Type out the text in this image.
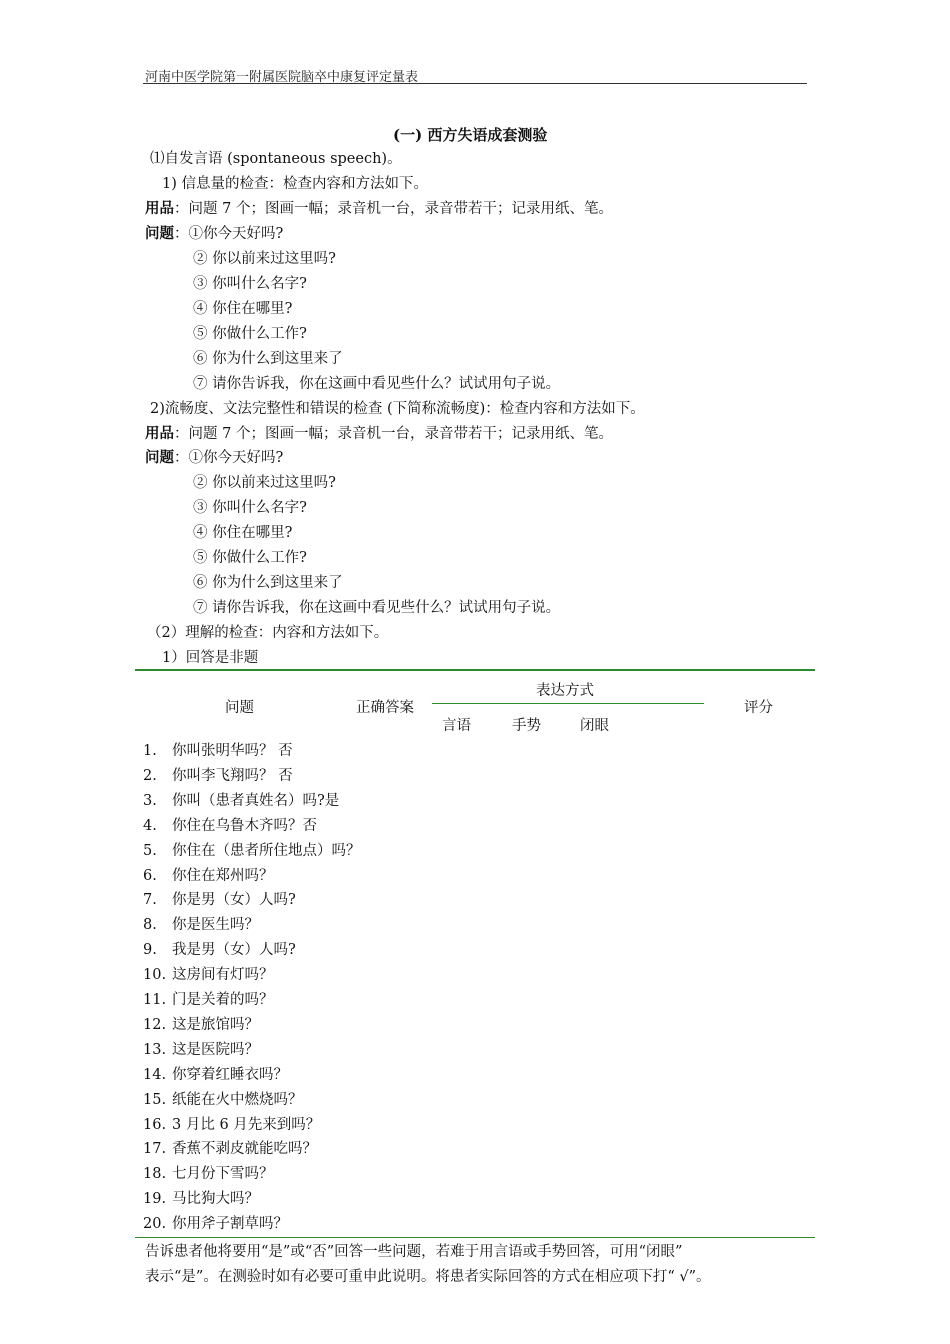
河南中医学院第一附属医院脑卒中康复评定量表
(一) 西方失语成套测验
⑴自发言语 (spontaneous speech)。
1) 信息量的检查：检查内容和方法如下。
用品：问题 7 个；图画一幅；录音机一台，录音带若干；记录用纸、笔。
问题：①你今天好吗?
② 你以前来过这里吗?
③ 你叫什么名字?
④ 你住在哪里?
⑤ 你做什么工作?
⑥ 你为什么到这里来了
⑦ 请你告诉我，你在这画中看见些什么？试试用句子说。
2)流畅度、文法完整性和错误的检查 (下简称流畅度)：检查内容和方法如下。
用品：问题 7 个；图画一幅；录音机一台，录音带若干；记录用纸、笔。
问题：①你今天好吗?
② 你以前来过这里吗?
③ 你叫什么名字?
④ 你住在哪里?
⑤ 你做什么工作?
⑥ 你为什么到这里来了
⑦ 请你告诉我，你在这画中看见些什么？试试用句子说。
（2）理解的检查：内容和方法如下。
1）回答是非题
问题	正确答案
表达方式
言语	手势	闭眼
评分
1.	你叫张明华吗？ 否
2.	你叫李飞翔吗？ 否
3.	你叫（患者真姓名）吗?是
4.	你住在乌鲁木齐吗？否
5.	你住在（患者所住地点）吗？
6.	你住在郑州吗？
7.	你是男（女）人吗?
8.	你是医生吗？
9.	我是男（女）人吗?
10. 这房间有灯吗？
11. 门是关着的吗？
12. 这是旅馆吗？
13. 这是医院吗？
14. 你穿着红睡衣吗？
15. 纸能在火中燃烧吗？
16. 3 月比 6 月先来到吗？
17. 香蕉不剥皮就能吃吗？
18. 七月份下雪吗？
19. 马比狗大吗？
20. 你用斧子割草吗？
告诉患者他将要用“是”或“否”回答一些问题，若难于用言语或手势回答，可用“闭眼”
表示“是”。在测验时如有必要可重申此说明。将患者实际回答的方式在相应项下打“ √”。
